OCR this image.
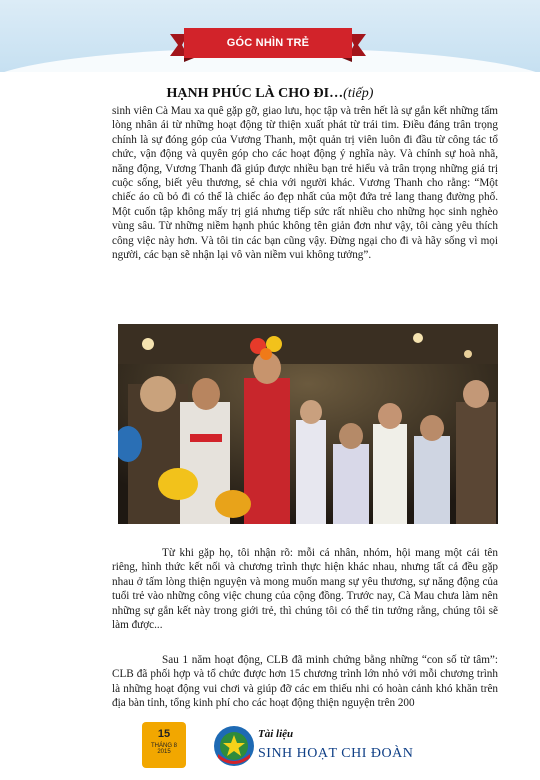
GÓC NHÌN TRẺ
HẠNH PHÚC LÀ CHO ĐI…(tiếp)

sinh viên Cà Mau xa quê gặp gỡ, giao lưu, học tập và trên hết là sự gắn kết những tấm lòng nhân ái từ những hoạt động từ thiện xuất phát từ trái tim. Điều đáng trân trọng chính là sự đóng góp của Vương Thanh, một quản trị viên luôn đi đầu từ công tác tổ chức, vận động và quyên góp cho các hoạt động ý nghĩa này. Và chính sự hoà nhã, năng động, Vương Thanh đã giúp được nhiều bạn trẻ hiểu và trân trọng những giá trị cuộc sống, biết yêu thương, sẻ chia với người khác. Vương Thanh cho rằng: “Một chiếc áo cũ bỏ đi có thể là chiếc áo đẹp nhất của một đứa trẻ lang thang đường phố. Một cuốn tập không mấy trị giá nhưng tiếp sức rất nhiều cho những học sinh nghèo vùng sâu. Từ những niềm hạnh phúc không tên giản đơn như vậy, tôi càng yêu thích công việc này hơn. Và tôi tin các bạn cũng vậy. Đừng ngại cho đi và hãy sống vì mọi người, các bạn sẽ nhận lại vô vàn niềm vui không tưởng”.

Từ khi gặp họ, tôi nhận rõ: mỗi cá nhân, nhóm, hội mang một cái tên riêng, hình thức kết nối và chương trình thực hiện khác nhau, nhưng tất cả đều gặp nhau ở tấm lòng thiện nguyện và mong muốn mang sự yêu thương, sự năng động của tuổi trẻ vào những công việc chung của cộng đồng. Trước nay, Cà Mau chưa làm nên những sự gắn kết này trong giới trẻ, thì chúng tôi có thể tin tưởng rằng, chúng tôi sẽ làm được...

Sau 1 năm hoạt động, CLB đã minh chứng bằng những “con số từ tâm”: CLB đã phối hợp và tổ chức được hơn 15 chương trình lớn nhỏ với mỗi chương trình là những hoạt động vui chơi và giúp đỡ các em thiếu nhi có hoàn cảnh khó khăn trên địa bàn tỉnh, tổng kinh phí cho các hoạt động thiện nguyện trên 200

15
THÁNG 8
2015
Tài liệu
SINH HOẠT CHI ĐOÀN
